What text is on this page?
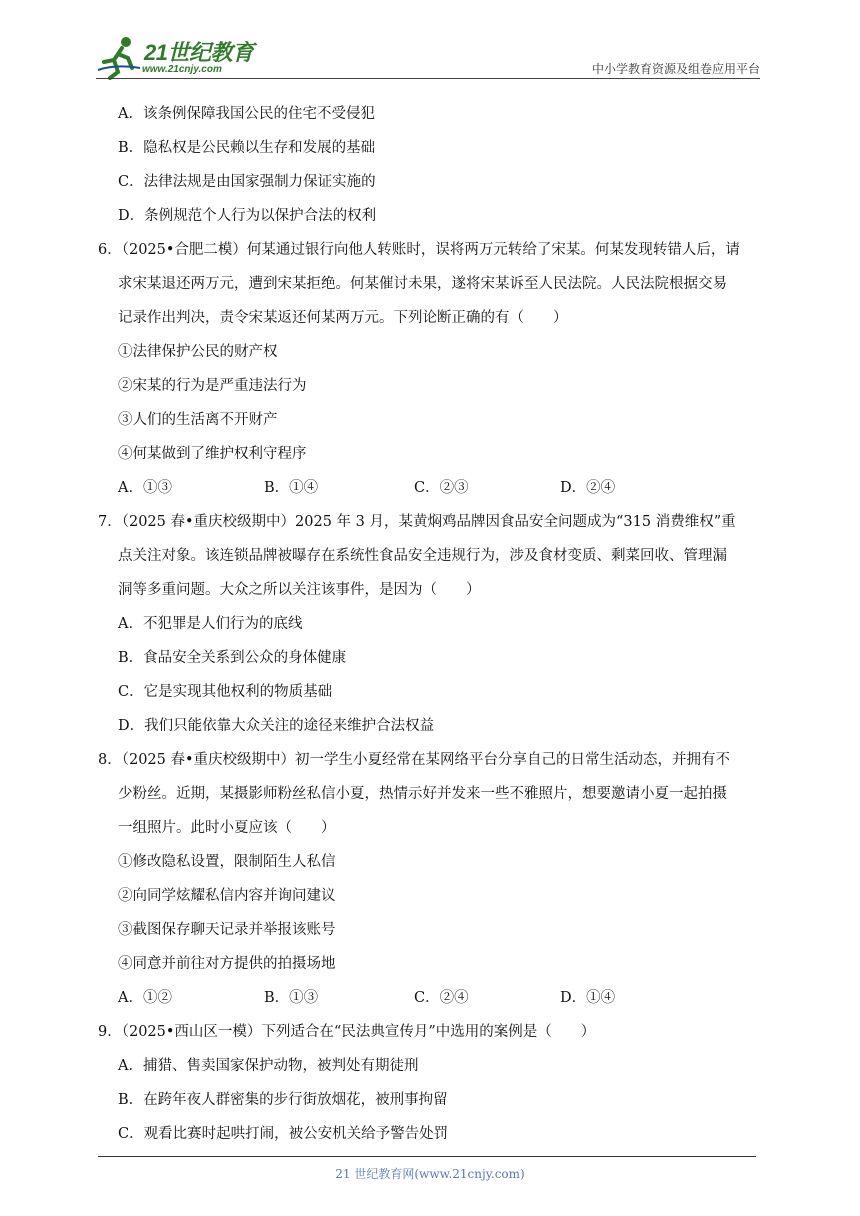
21世纪教育
www.21cnjy.com	中小学教育资源及组卷应用平台
A．该条例保障我国公民的住宅不受侵犯
B．隐私权是公民赖以生存和发展的基础
C．法律法规是由国家强制力保证实施的
D．条例规范个人行为以保护合法的权利
6．（2025•合肥二模）何某通过银行向他人转账时，误将两万元转给了宋某。何某发现转错人后，请
求宋某退还两万元，遭到宋某拒绝。何某催讨未果，遂将宋某诉至人民法院。人民法院根据交易
记录作出判决，责令宋某返还何某两万元。下列论断正确的有（　　）
①法律保护公民的财产权
②宋某的行为是严重违法行为
③人们的生活离不开财产
④何某做到了维护权利守程序
A．①③	B．①④	C．②③	D．②④
7．（2025 春•重庆校级期中）2025 年 3 月，某黄焖鸡品牌因食品安全问题成为“315 消费维权”重
点关注对象。该连锁品牌被曝存在系统性食品安全违规行为，涉及食材变质、剩菜回收、管理漏
洞等多重问题。大众之所以关注该事件，是因为（　　）
A．不犯罪是人们行为的底线
B．食品安全关系到公众的身体健康
C．它是实现其他权利的物质基础
D．我们只能依靠大众关注的途径来维护合法权益
8．（2025 春•重庆校级期中）初一学生小夏经常在某网络平台分享自己的日常生活动态，并拥有不
少粉丝。近期，某摄影师粉丝私信小夏，热情示好并发来一些不雅照片，想要邀请小夏一起拍摄
一组照片。此时小夏应该（　　）
①修改隐私设置，限制陌生人私信
②向同学炫耀私信内容并询问建议
③截图保存聊天记录并举报该账号
④同意并前往对方提供的拍摄场地
A．①②	B．①③	C．②④	D．①④
9．（2025•西山区一模）下列适合在“民法典宣传月”中选用的案例是（　　）
A．捕猎、售卖国家保护动物，被判处有期徒刑
B．在跨年夜人群密集的步行街放烟花，被刑事拘留
C．观看比赛时起哄打闹，被公安机关给予警告处罚
21 世纪教育网(www.21cnjy.com)
